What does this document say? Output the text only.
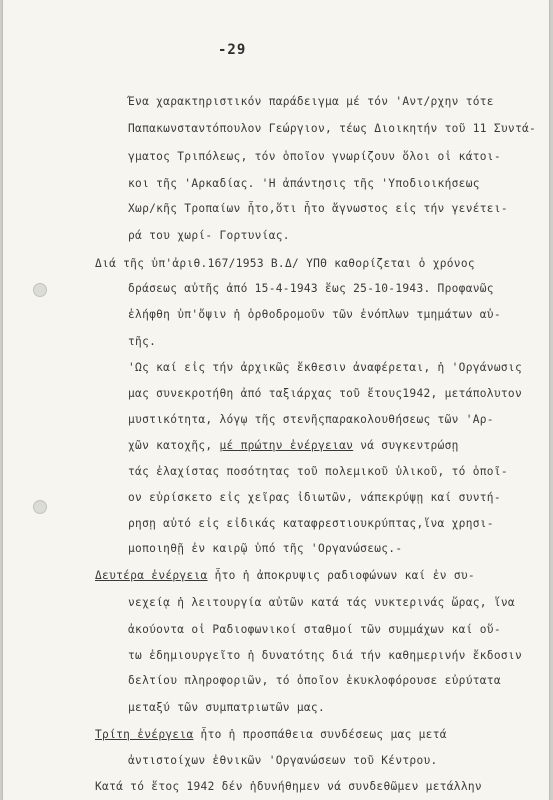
-29
Ένα χαρακτηριστικόν παράδειγμα μέ τόν 'Αντ/ρχην τότε
Παπακωνσταντόπουλον Γεώργιον, τέως Διοικητήν τοῦ 11 Συντά-
γματος Τριπόλεως, τόν ὁποῖον γνωρίζουν ὅλοι οἱ κάτοι-
κοι τῆς 'Αρκαδίας. 'Η ἀπάντησις τῆς 'Υποδιοικήσεως
Χωρ/κῆς Τροπαίων ἦτο,ὅτι ἦτο ἄγνωστος εἰς τήν γενέτει-
ρά του χωρί- Γορτυνίας.
Διά τῆς ὑπ'ἀριθ.167/1953 Β.Δ/ ΥΠΘ καθορίζεται ὁ χρόνος
δράσεως αὐτῆς ἀπό 15-4-1943 ἕως 25-10-1943. Προφανῶς
ἐλήφθη ὑπ'ὄψιν ἡ ὁρθοδρομοῦν τῶν ἐνόπλων τμημάτων αὐ-
τῆς.
'Ως καί εἰς τήν ἀρχικῶς ἔκθεσιν ἀναφέρεται, ἡ 'Οργάνωσις
μας συνεκροτήθη ἀπό ταξιάρχας τοῦ ἔτους1942, μετάπολυτον
μυστικότητα, λόγῳ τῆς στενῆςπαρακολουθήσεως τῶν 'Αρ-
χῶν κατοχῆς, μέ πρώτην ἐνέργειαν νά συγκεντρώσῃ
τάς ἐλαχίστας ποσότητας τοῦ πολεμικοῦ ὑλικοῦ, τό ὁποῖ-
ον εὑρίσκετο εἰς χεῖρας ἰδιωτῶν, νάπεκρύψῃ καί συντή-
ρησῃ αὐτό εἰς εἰδικάς καταφρεστιουκρύπτας,ἵνα χρησι-
μοποιηθῇ ἐν καιρῷ ὑπό τῆς 'Οργανώσεως.-
Δευτέρα ἐνέργεια ἦτο ἡ ἀποκρυψις ραδιοφώνων καί ἐν συ-
νεχείᾳ ἡ λειτουργία αὐτῶν κατά τάς νυκτερινάς ὥρας, ἵνα
ἀκούοντα οἱ Ραδιοφωνικοί σταθμοί τῶν συμμάχων καί οὕ-
τω ἐδημιουργεῖτο ἡ δυνατότης διά τήν καθημερινήν ἔκδοσιν
δελτίου πληροφοριῶν, τό ὁποῖον ἐκυκλοφόρουσε εὐρύτατα
μεταξύ τῶν συμπατριωτῶν μας.
Τρίτη ἐνέργεια ἦτο ἡ προσπάθεια συνδέσεως μας μετά
ἀντιστοίχων ἐθνικῶν 'Οργανώσεων τοῦ Κέντρου.
Κατά τό ἔτος 1942 δέν ἠδυνήθημεν νά συνδεθῶμεν μετάλλην
